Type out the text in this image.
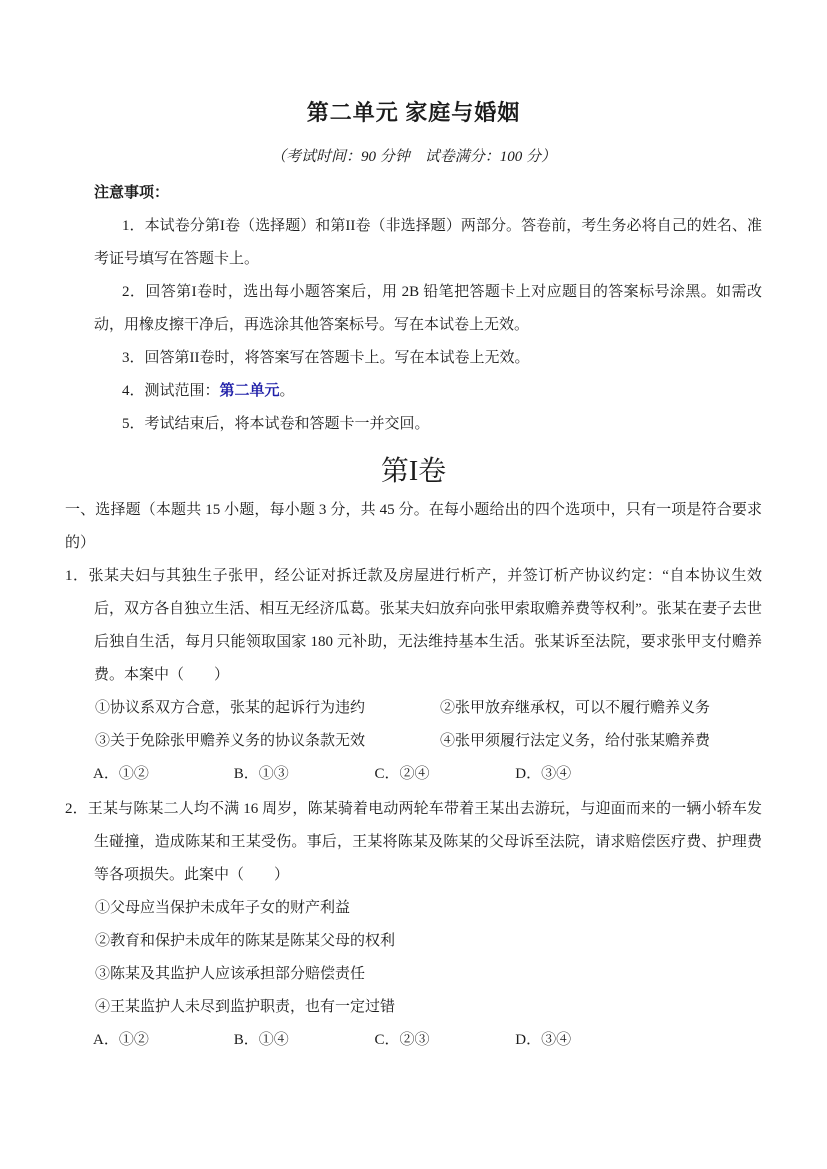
第二单元 家庭与婚姻
（考试时间：90 分钟　试卷满分：100 分）

注意事项：

1．本试卷分第I卷（选择题）和第II卷（非选择题）两部分。答卷前，考生务必将自己的姓名、准考证号填写在答题卡上。

2．回答第I卷时，选出每小题答案后，用 2B 铅笔把答题卡上对应题目的答案标号涂黑。如需改动，用橡皮擦干净后，再选涂其他答案标号。写在本试卷上无效。

3．回答第II卷时，将答案写在答题卡上。写在本试卷上无效。

4．测试范围：第二单元。

5．考试结束后，将本试卷和答题卡一并交回。

第I卷
一、选择题（本题共 15 小题，每小题 3 分，共 45 分。在每小题给出的四个选项中，只有一项是符合要求的）

1．张某夫妇与其独生子张甲，经公证对拆迁款及房屋进行析产，并签订析产协议约定：“自本协议生效后，双方各自独立生活、相互无经济瓜葛。张某夫妇放弃向张甲索取赡养费等权利”。张某在妻子去世后独自生活，每月只能领取国家 180 元补助，无法维持基本生活。张某诉至法院，要求张甲支付赡养费。本案中（　　）

①协议系双方合意，张某的起诉行为违约	②张甲放弃继承权，可以不履行赡养义务
③关于免除张甲赡养义务的协议条款无效	④张甲须履行法定义务，给付张某赡养费
A．①②	B．①③	C．②④	D．③④

2．王某与陈某二人均不满 16 周岁，陈某骑着电动两轮车带着王某出去游玩，与迎面而来的一辆小轿车发生碰撞，造成陈某和王某受伤。事后，王某将陈某及陈某的父母诉至法院，请求赔偿医疗费、护理费等各项损失。此案中（　　）

①父母应当保护未成年子女的财产利益
②教育和保护未成年的陈某是陈某父母的权利
③陈某及其监护人应该承担部分赔偿责任
④王某监护人未尽到监护职责，也有一定过错
A．①②	B．①④	C．②③	D．③④
